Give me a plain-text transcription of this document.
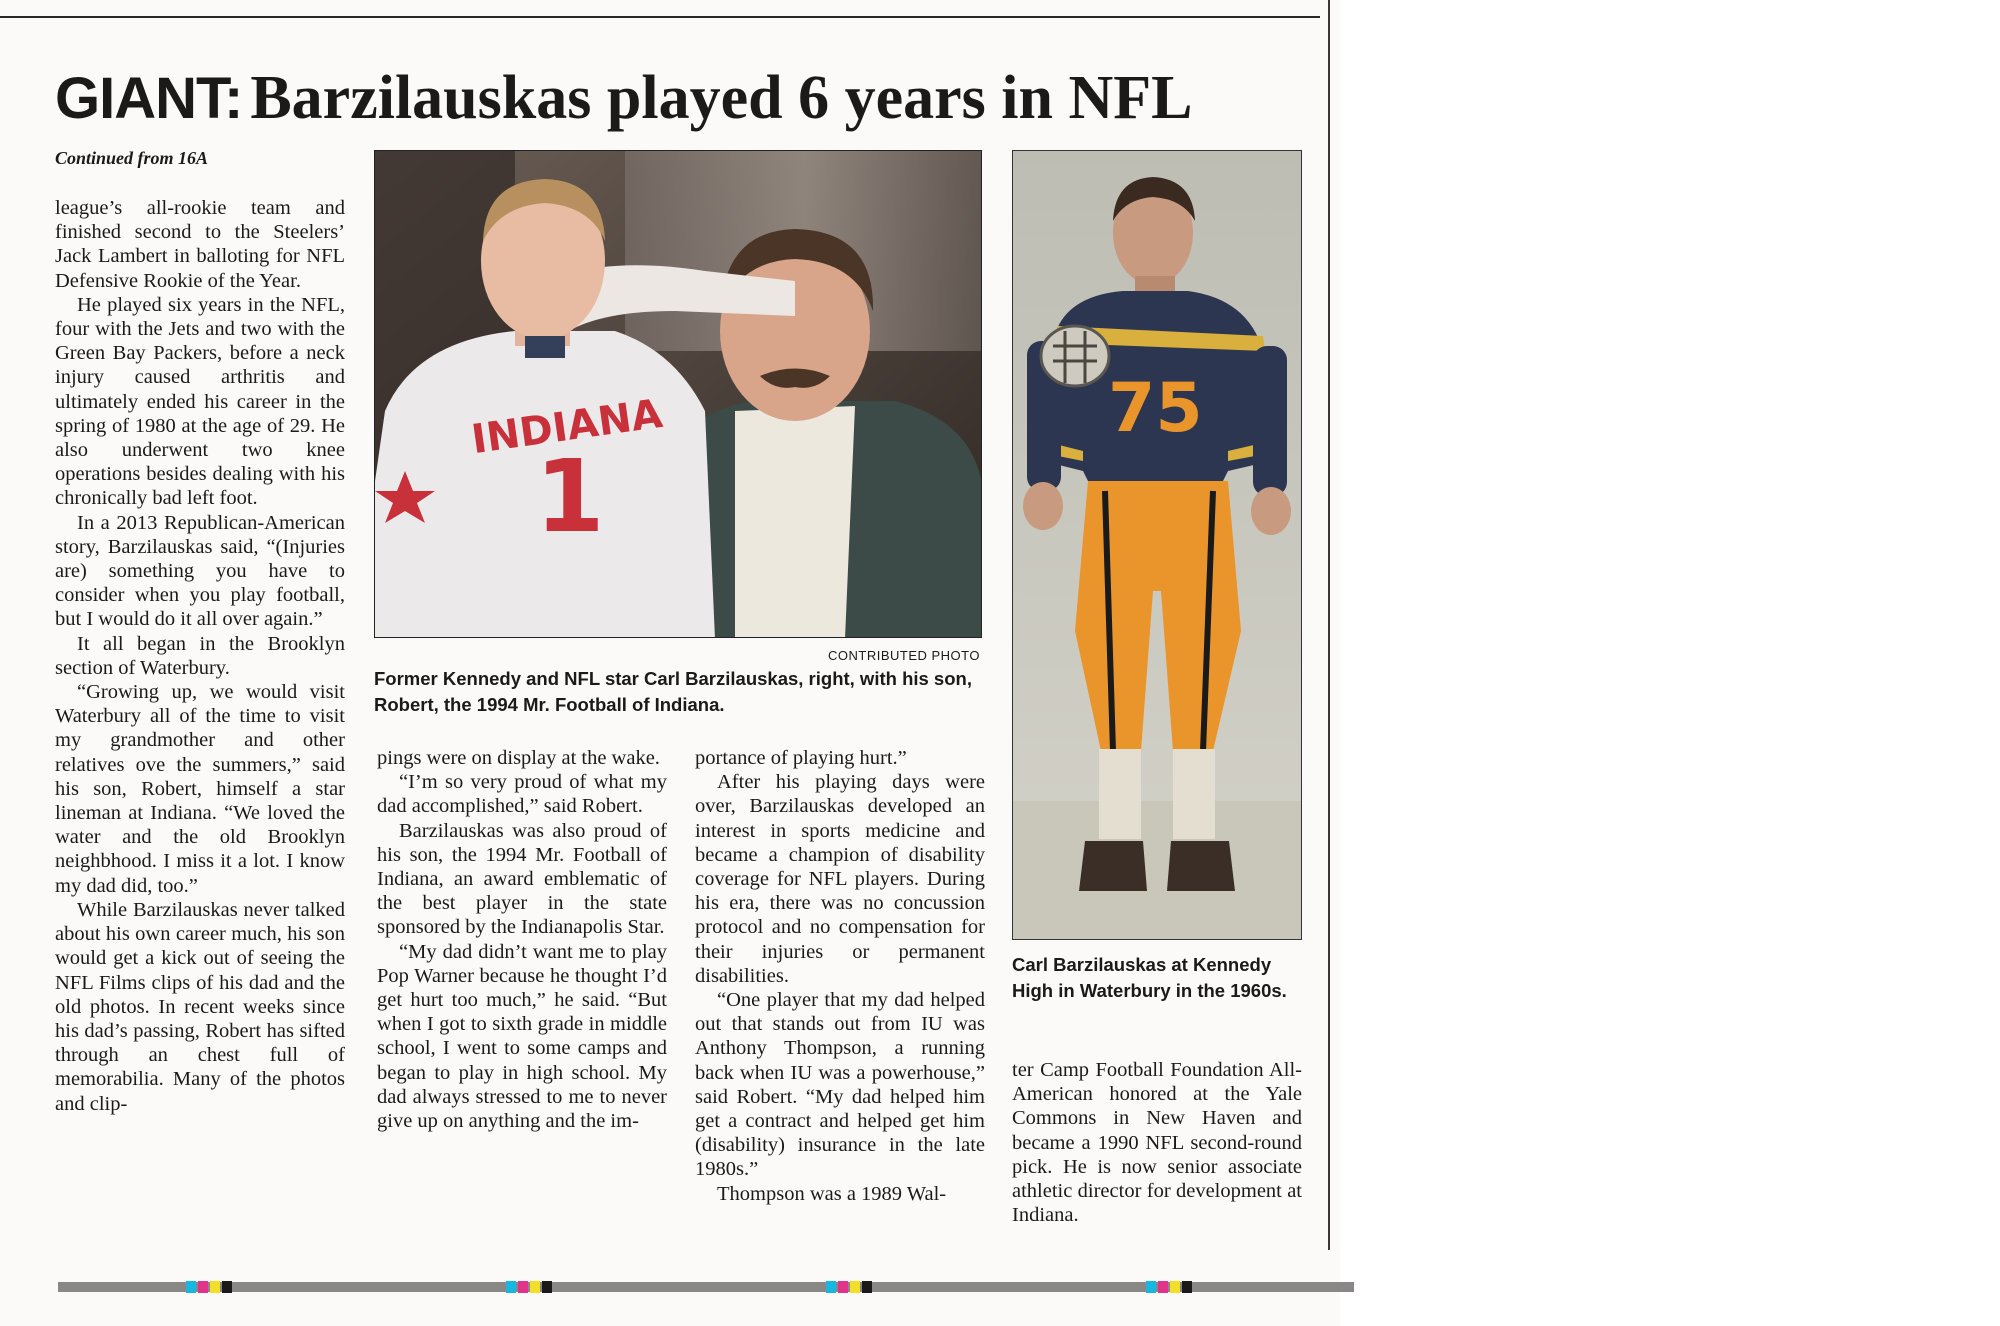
GIANT: Barzilauskas played 6 years in NFL
Continued from 16A

league’s all-rookie team and finished second to the Steelers’ Jack Lambert in balloting for NFL Defensive Rookie of the Year.

He played six years in the NFL, four with the Jets and two with the Green Bay Packers, before a neck injury caused arthritis and ultimately ended his career in the spring of 1980 at the age of 29. He also underwent two knee operations besides dealing with his chronically bad left foot.

In a 2013 Republican-American story, Barzilauskas said, “(Injuries are) something you have to consider when you play football, but I would do it all over again.”

It all began in the Brooklyn section of Waterbury.

“Growing up, we would visit Waterbury all of the time to visit my grandmother and other relatives ove the summers,” said his son, Robert, himself a star lineman at Indiana. “We loved the water and the old Brooklyn neighbhood. I miss it a lot. I know my dad did, too.”

While Barzilauskas never talked about his own career much, his son would get a kick out of seeing the NFL Films clips of his dad and the old photos. In recent weeks since his dad’s passing, Robert has sifted through an chest full of memorabilia. Many of the photos and clip-

pings were on display at the wake.

“I’m so very proud of what my dad accomplished,” said Robert.

Barzilauskas was also proud of his son, the 1994 Mr. Football of Indiana, an award emblematic of the best player in the state sponsored by the Indianapolis Star.

“My dad didn’t want me to play Pop Warner because he thought I’d get hurt too much,” he said. “But when I got to sixth grade in middle school, I went to some camps and began to play in high school. My dad always stressed to me to never give up on anything and the im-

portance of playing hurt.”

After his playing days were over, Barzilauskas developed an interest in sports medicine and became a champion of disability coverage for NFL players. During his era, there was no concussion protocol and no compensation for their injuries or permanent disabilities.

“One player that my dad helped out that stands out from IU was Anthony Thompson, a running back when IU was a powerhouse,” said Robert. “My dad helped him get a contract and helped get him (disability) insurance in the late 1980s.”

Thompson was a 1989 Wal-

ter Camp Football Foundation All-American honored at the Yale Commons in New Haven and became a 1990 NFL second-round pick. He is now senior associate athletic director for development at Indiana.

INDIANA
1
CONTRIBUTED PHOTO
Former Kennedy and NFL star Carl Barzilauskas, right, with his son, Robert, the 1994 Mr. Football of Indiana.
75
Carl Barzilauskas at Kennedy High in Waterbury in the 1960s.
